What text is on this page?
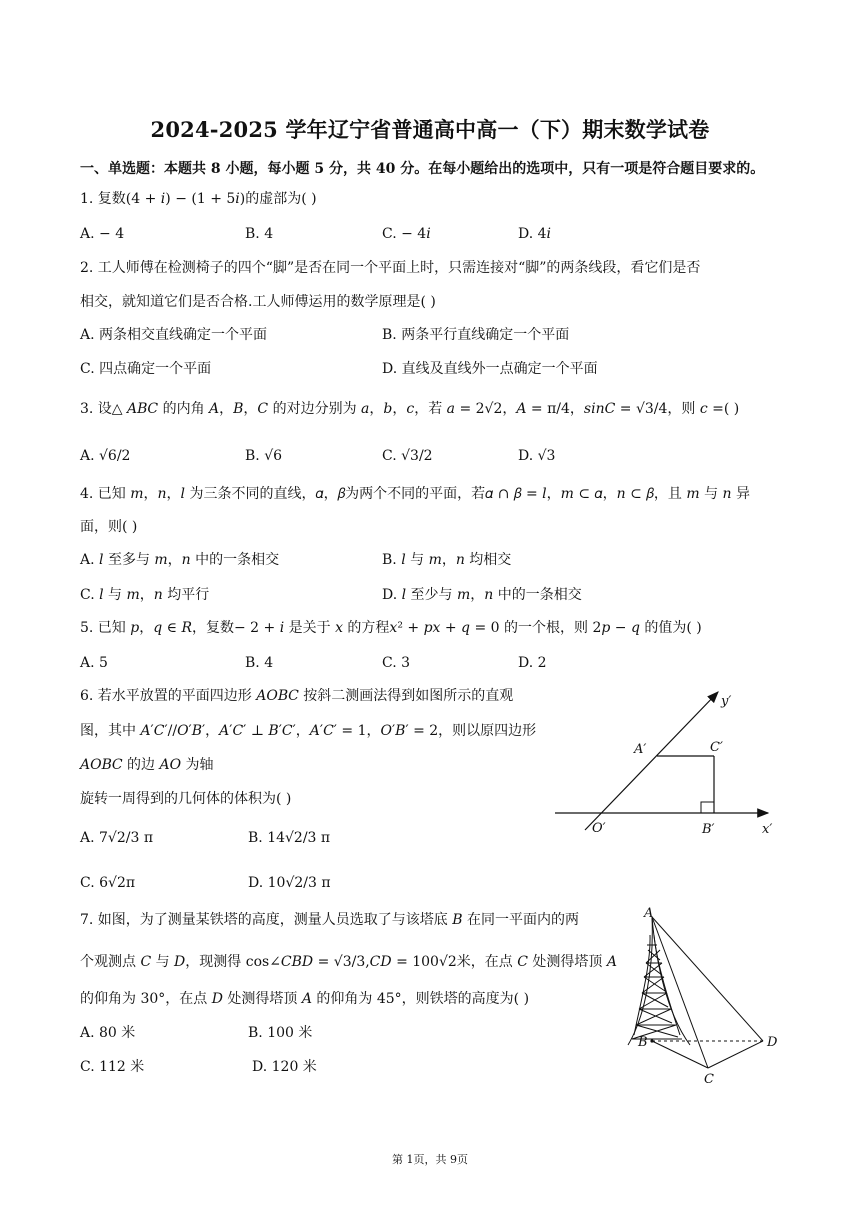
2024-2025 学年辽宁省普通高中高一（下）期末数学试卷
一、单选题：本题共 8 小题，每小题 5 分，共 40 分。在每小题给出的选项中，只有一项是符合题目要求的。
1. 复数(4 + 𝑖) − (1 + 5𝑖)的虚部为( )
A. − 4	B. 4	C. − 4𝑖	D. 4𝑖
2. 工人师傅在检测椅子的四个“脚”是否在同一个平面上时，只需连接对“脚”的两条线段，看它们是否
相交，就知道它们是否合格.工人师傅运用的数学原理是( )
A. 两条相交直线确定一个平面	B. 两条平行直线确定一个平面
C. 四点确定一个平面	D. 直线及直线外一点确定一个平面
3. 设△ 𝐴𝐵𝐶 的内角 𝐴，𝐵，𝐶 的对边分别为 𝑎，𝑏，𝑐，若 𝑎 = 2√2，𝐴 = π/4，𝑠𝑖𝑛𝐶 = √3/4，则 𝑐 =( )
A. √6/2	B. √6	C. √3/2	D. √3
4. 已知 𝑚，𝑛，𝑙 为三条不同的直线，𝛼，𝛽为两个不同的平面，若𝛼 ∩ 𝛽 = 𝑙，𝑚 ⊂ 𝛼，𝑛 ⊂ 𝛽，且 𝑚 与 𝑛 异
面，则( )
A. 𝑙 至多与 𝑚，𝑛 中的一条相交	B. 𝑙 与 𝑚，𝑛 均相交
C. 𝑙 与 𝑚，𝑛 均平行	D. 𝑙 至少与 𝑚，𝑛 中的一条相交
5. 已知 𝑝，𝑞 ∈ 𝑅，复数− 2 + 𝑖 是关于 𝑥 的方程𝑥² + 𝑝𝑥 + 𝑞 = 0 的一个根，则 2𝑝 − 𝑞 的值为( )
A. 5	B. 4	C. 3	D. 2
6. 若水平放置的平面四边形 𝐴𝑂𝐵𝐶 按斜二测画法得到如图所示的直观
图，其中 𝐴′𝐶′//𝑂′𝐵′，𝐴′𝐶′ ⊥ 𝐵′𝐶′，𝐴′𝐶′ = 1，𝑂′𝐵′ = 2，则以原四边形
𝐴𝑂𝐵𝐶 的边 𝐴𝑂 为轴
旋转一周得到的几何体的体积为( )
A. 7√2/3 π	B. 14√2/3 π
C. 6√2π	D. 10√2/3 π
y′
A′	C′
O′	B′	x′
7. 如图，为了测量某铁塔的高度，测量人员选取了与该塔底 𝐵 在同一平面内的两
个观测点 𝐶 与 𝐷，现测得 cos∠𝐶𝐵𝐷 = √3/3,𝐶𝐷 = 100√2米，在点 𝐶 处测得塔顶 𝐴
的仰角为 30°，在点 𝐷 处测得塔顶 𝐴 的仰角为 45°，则铁塔的高度为( )
A. 80 米	B. 100 米
C. 112 米	D. 120 米
A
B
C
D
第 1页，共 9页
